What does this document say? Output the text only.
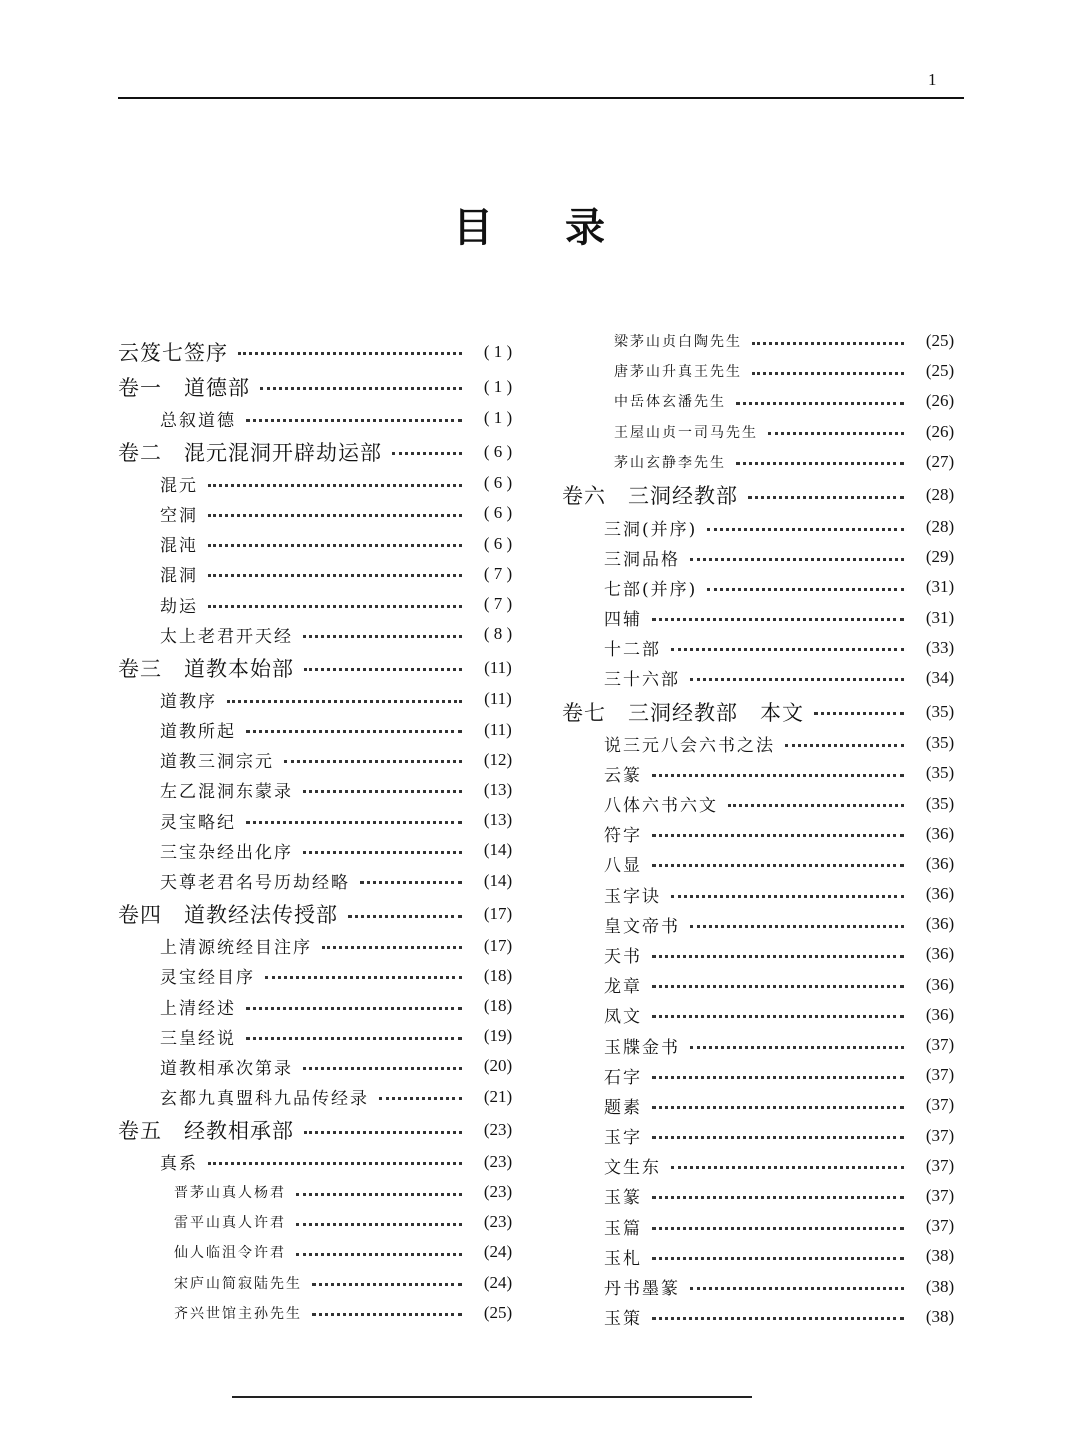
1
目录
云笈七签序	( 1 )
卷一　道德部	( 1 )
总叙道德	( 1 )
卷二　混元混洞开辟劫运部	( 6 )
混元	( 6 )
空洞	( 6 )
混沌	( 6 )
混洞	( 7 )
劫运	( 7 )
太上老君开天经	( 8 )
卷三　道教本始部	(11)
道教序	(11)
道教所起	(11)
道教三洞宗元	(12)
左乙混洞东蒙录	(13)
灵宝略纪	(13)
三宝杂经出化序	(14)
天尊老君名号历劫经略	(14)
卷四　道教经法传授部	(17)
上清源统经目注序	(17)
灵宝经目序	(18)
上清经述	(18)
三皇经说	(19)
道教相承次第录	(20)
玄都九真盟科九品传经录	(21)
卷五　经教相承部	(23)
真系	(23)
晋茅山真人杨君	(23)
雷平山真人许君	(23)
仙人临沮令许君	(24)
宋庐山简寂陆先生	(24)
齐兴世馆主孙先生	(25)
梁茅山贞白陶先生	(25)
唐茅山升真王先生	(25)
中岳体玄潘先生	(26)
王屋山贞一司马先生	(26)
茅山玄静李先生	(27)
卷六　三洞经教部	(28)
三洞(并序)	(28)
三洞品格	(29)
七部(并序)	(31)
四辅	(31)
十二部	(33)
三十六部	(34)
卷七　三洞经教部　本文	(35)
说三元八会六书之法	(35)
云篆	(35)
八体六书六文	(35)
符字	(36)
八显	(36)
玉字诀	(36)
皇文帝书	(36)
天书	(36)
龙章	(36)
凤文	(36)
玉牒金书	(37)
石字	(37)
题素	(37)
玉字	(37)
文生东	(37)
玉篆	(37)
玉篇	(37)
玉札	(38)
丹书墨篆	(38)
玉策	(38)
